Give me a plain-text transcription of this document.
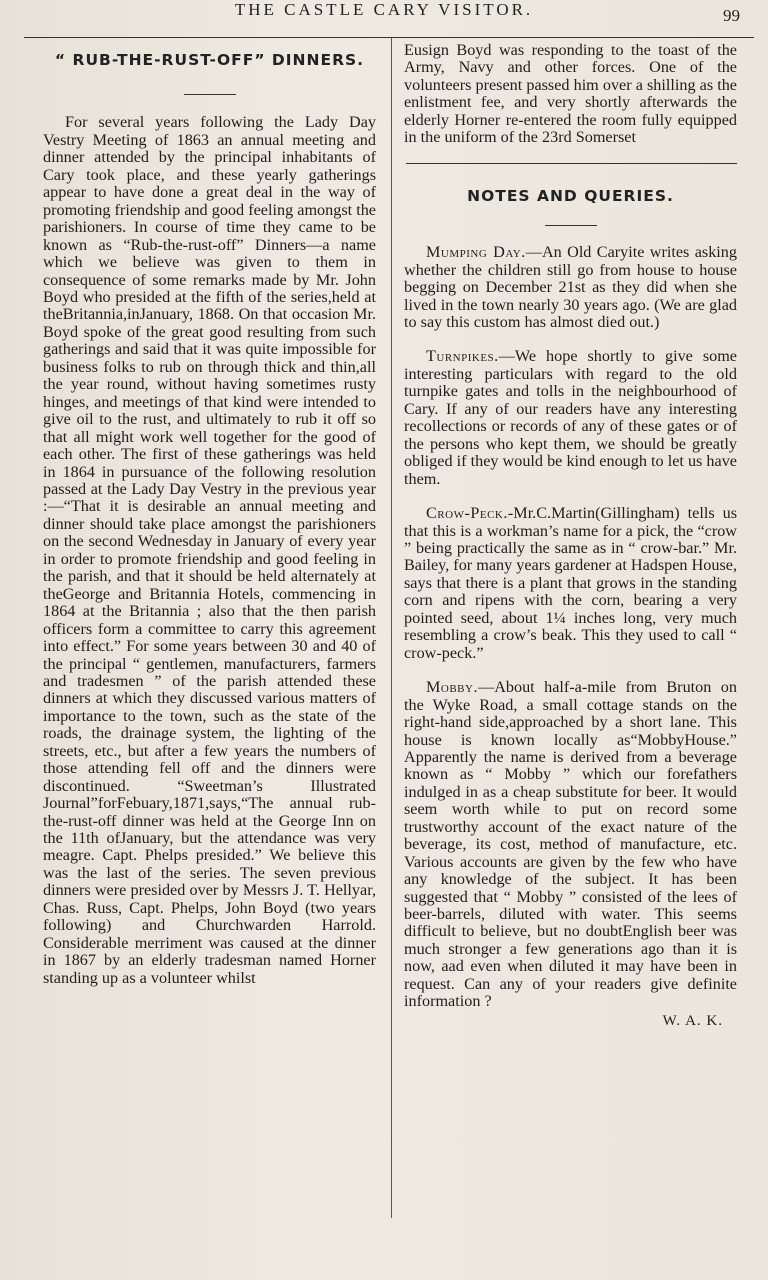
THE CASTLE CARY VISITOR.	99
“ RUB-THE-RUST-OFF” DINNERS.

For several years following the Lady Day Vestry Meeting of 1863 an annual meeting and dinner attended by the principal inhabitants of Cary took place, and these yearly gatherings appear to have done a great deal in the way of promoting friendship and good feeling amongst the parishioners. In course of time they came to be known as “Rub-the-rust-off” Dinners—a name which we believe was given to them in consequence of some remarks made by Mr. John Boyd who presided at the fifth of the series,held at theBritannia,inJanuary, 1868. On that occasion Mr. Boyd spoke of the great good resulting from such gatherings and said that it was quite impossible for business folks to rub on through thick and thin,all the year round, without having sometimes rusty hinges, and meetings of that kind were intended to give oil to the rust, and ultimately to rub it off so that all might work well together for the good of each other. The first of these gatherings was held in 1864 in pursuance of the following resolution passed at the Lady Day Vestry in the previous year :—“That it is desirable an annual meeting and dinner should take place amongst the parishioners on the second Wednesday in January of every year in order to promote friendship and good feeling in the parish, and that it should be held alternately at theGeorge and Britannia Hotels, commencing in 1864 at the Britannia ; also that the then parish officers form a committee to carry this agreement into effect.” For some years between 30 and 40 of the principal “ gentlemen, manufacturers, farmers and tradesmen ” of the parish attended these dinners at which they discussed various matters of importance to the town, such as the state of the roads, the drainage system, the lighting of the streets, etc., but after a few years the numbers of those attending fell off and the dinners were discontinued. “Sweetman’s Illustrated Journal”forFebuary,1871,says,“The annual rub-the-rust-off dinner was held at the George Inn on the 11th ofJanuary, but the attendance was very meagre. Capt. Phelps presided.” We believe this was the last of the series. The seven previous dinners were presided over by Messrs J. T. Hellyar, Chas. Russ, Capt. Phelps, John Boyd (two years following) and Churchwarden Harrold. Considerable merriment was caused at the dinner in 1867 by an elderly tradesman named Horner standing up as a volunteer whilst

Eusign Boyd was responding to the toast of the Army, Navy and other forces. One of the volunteers present passed him over a shilling as the enlistment fee, and very shortly afterwards the elderly Horner re-entered the room fully equipped in the uniform of the 23rd Somerset

NOTES AND QUERIES.

Mumping Day.—An Old Caryite writes asking whether the children still go from house to house begging on December 21st as they did when she lived in the town nearly 30 years ago. (We are glad to say this custom has almost died out.)

Turnpikes.—We hope shortly to give some interesting particulars with regard to the old turnpike gates and tolls in the neighbourhood of Cary. If any of our readers have any interesting recollections or records of any of these gates or of the persons who kept them, we should be greatly obliged if they would be kind enough to let us have them.

Crow-Peck.-Mr.C.Martin(Gillingham) tells us that this is a workman’s name for a pick, the “crow ” being practically the same as in “ crow-bar.” Mr. Bailey, for many years gardener at Hadspen House, says that there is a plant that grows in the standing corn and ripens with the corn, bearing a very pointed seed, about 1¼ inches long, very much resembling a crow’s beak. This they used to call “ crow-peck.”

Mobby.—About half-a-mile from Bruton on the Wyke Road, a small cottage stands on the right-hand side,approached by a short lane. This house is known locally as“MobbyHouse.” Apparently the name is derived from a beverage known as “ Mobby ” which our forefathers indulged in as a cheap substitute for beer. It would seem worth while to put on record some trustworthy account of the exact nature of the beverage, its cost, method of manufacture, etc. Various accounts are given by the few who have any knowledge of the subject. It has been suggested that “ Mobby ” consisted of the lees of beer-barrels, diluted with water. This seems difficult to believe, but no doubtEnglish beer was much stronger a few generations ago than it is now, aad even when diluted it may have been in request. Can any of your readers give definite information ?

W. A. K.
